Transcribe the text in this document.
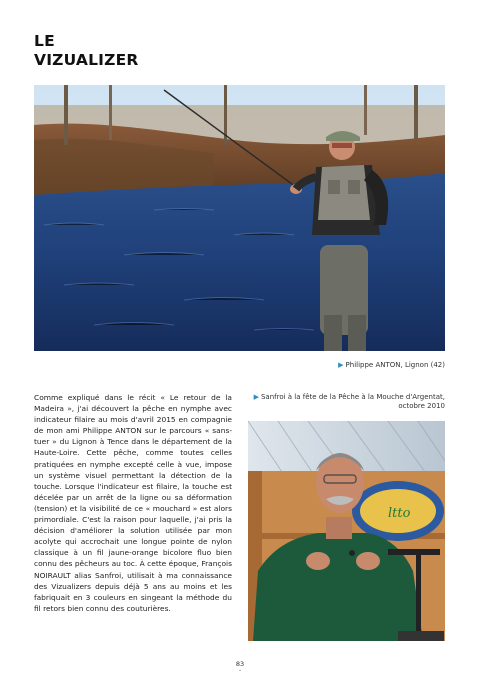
LE
VIZUALIZER
▶ Philippe ANTON, Lignon (42)
▶ Sanfroi à la fête de la Pêche à la Mouche d'Argentat,
octobre 2010
Comme expliqué dans le récit « Le retour de la Madeira », j'ai découvert la pêche en nymphe avec indicateur filaire au mois d'avril 2015 en compagnie de mon ami Philippe ANTON sur le parcours « sans-tuer » du Lignon à Tence dans le département de la Haute-Loire. Cette pêche, comme toutes celles pratiquées en nymphe excepté celle à vue, impose un système visuel permettant la détection de la touche. Lorsque l'indicateur est filaire, la touche est décelée par un arrêt de la ligne ou sa déformation (tension) et la visibilité de ce « mouchard » est alors primordiale. C'est la raison pour laquelle, j'ai pris la décision d'améliorer la solution utilisée par mon acolyte qui accrochait une longue pointe de nylon classique à un fil jaune-orange bicolore fluo bien connu des pêcheurs au toc. À cette époque, François NOIRAULT alias Sanfroi, utilisait à ma connaissance des Vizualizers depuis déjà 5 ans au moins et les fabriquait en 3 couleurs en singeant la méthode du fil retors bien connu des couturières.
ltto
83
•
